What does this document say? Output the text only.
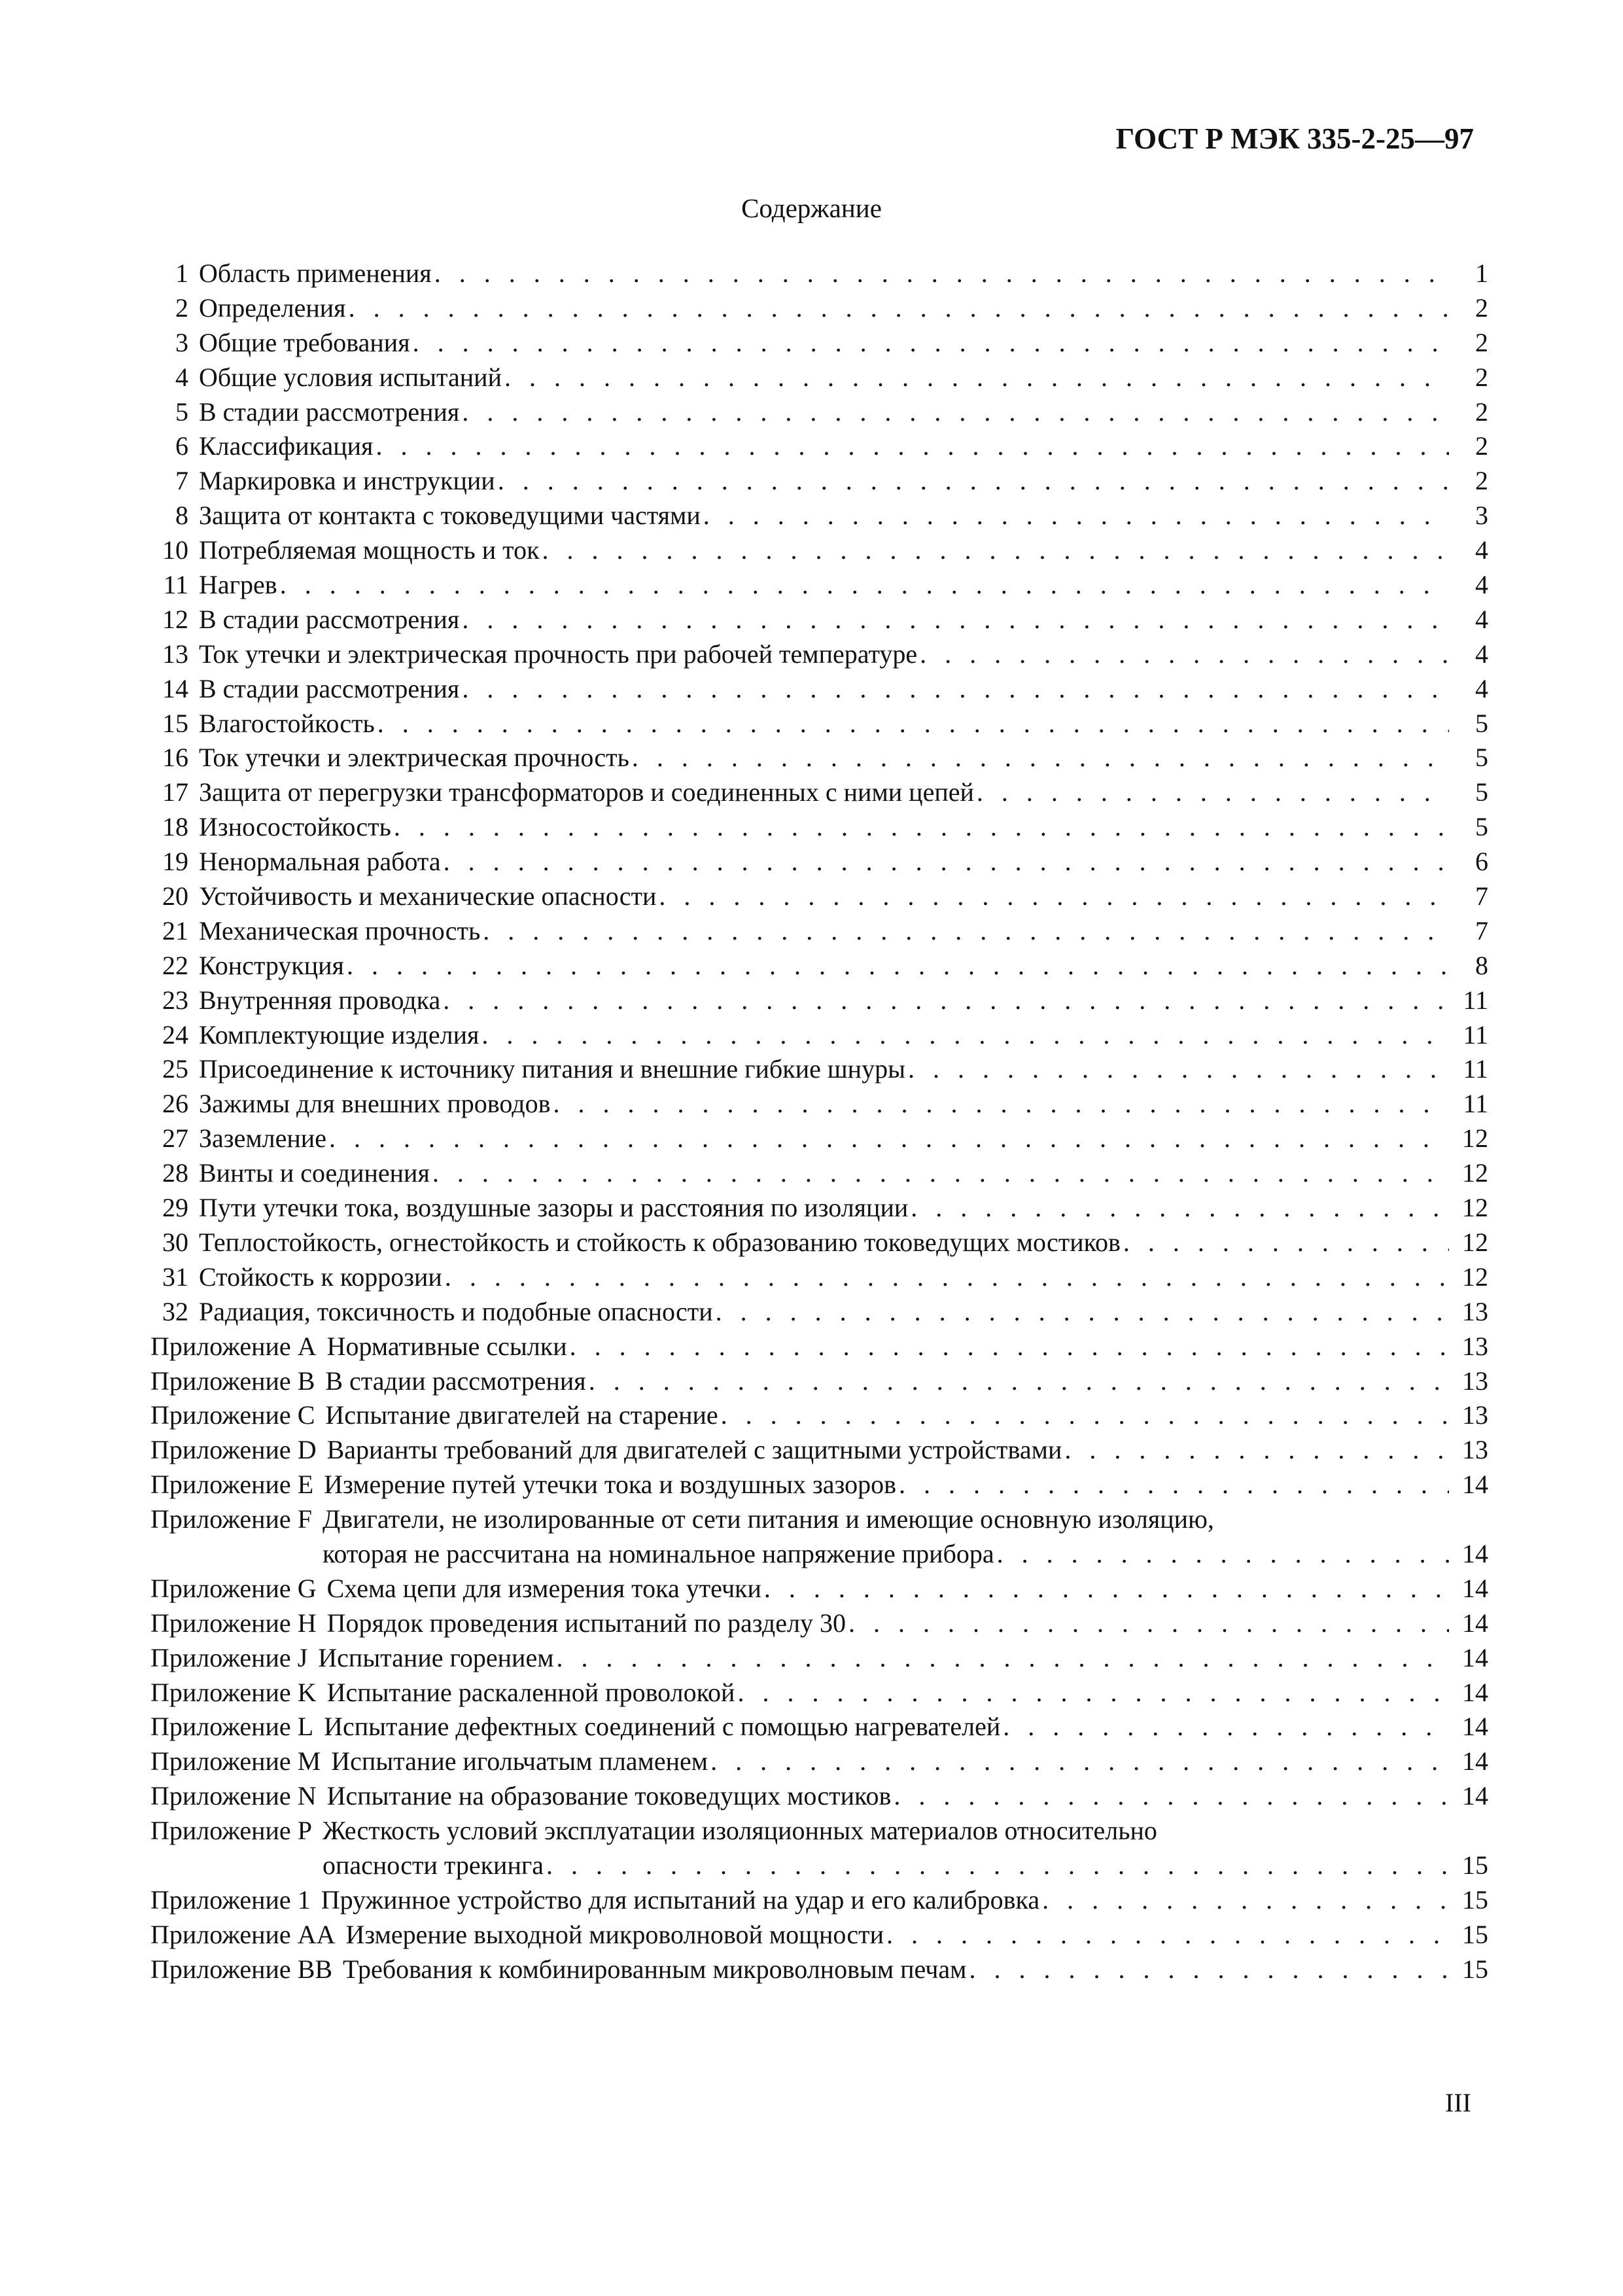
ГОСТ Р МЭК 335-2-25—97
Содержание
1 Область применения . . .	1
2 Определения . . .	2
3 Общие требования . . .	2
4 Общие условия испытаний . . .	2
5 В стадии рассмотрения . . .	2
6 Классификация . . .	2
7 Маркировка и инструкции . . .	2
8 Защита от контакта с токоведущими частями . . .	3
10 Потребляемая мощность и ток . . .	4
11 Нагрев . . .	4
12 В стадии рассмотрения . . .	4
13 Ток утечки и электрическая прочность при рабочей температуре . . .	4
14 В стадии рассмотрения . . .	4
15 Влагостойкость . . .	5
16 Ток утечки и электрическая прочность . . .	5
17 Защита от перегрузки трансформаторов и соединенных с ними цепей . . .	5
18 Износостойкость . . .	5
19 Ненормальная работа . . .	6
20 Устойчивость и механические опасности . . .	7
21 Механическая прочность . . .	7
22 Конструкция . . .	8
23 Внутренняя проводка . . .	11
24 Комплектующие изделия . . .	11
25 Присоединение к источнику питания и внешние гибкие шнуры . . .	11
26 Зажимы для внешних проводов . . .	11
27 Заземление . . .	12
28 Винты и соединения . . .	12
29 Пути утечки тока, воздушные зазоры и расстояния по изоляции . . .	12
30 Теплостойкость, огнестойкость и стойкость к образованию токоведущих мостиков . . .	12
31 Стойкость к коррозии . . .	12
32 Радиация, токсичность и подобные опасности . . .	13
Приложение A Нормативные ссылки . . .	13
Приложение B В стадии рассмотрения . . .	13
Приложение C Испытание двигателей на старение . . .	13
Приложение D Варианты требований для двигателей с защитными устройствами . . .	13
Приложение E Измерение путей утечки тока и воздушных зазоров . . .	14
Приложение F Двигатели, не изолированные от сети питания и имеющие основную изоляцию,
которая не рассчитана на номинальное напряжение прибора . . .	14
Приложение G Схема цепи для измерения тока утечки . . .	14
Приложение H Порядок проведения испытаний по разделу 30 . . .	14
Приложение J Испытание горением . . .	14
Приложение K Испытание раскаленной проволокой . . .	14
Приложение L Испытание дефектных соединений с помощью нагревателей . . .	14
Приложение M Испытание игольчатым пламенем . . .	14
Приложение N Испытание на образование токоведущих мостиков . . .	14
Приложение P Жесткость условий эксплуатации изоляционных материалов относительно
опасности трекинга . . .	15
Приложение 1 Пружинное устройство для испытаний на удар и его калибровка . . .	15
Приложение AA Измерение выходной микроволновой мощности . . .	15
Приложение BB Требования к комбинированным микроволновым печам . . .	15
III
